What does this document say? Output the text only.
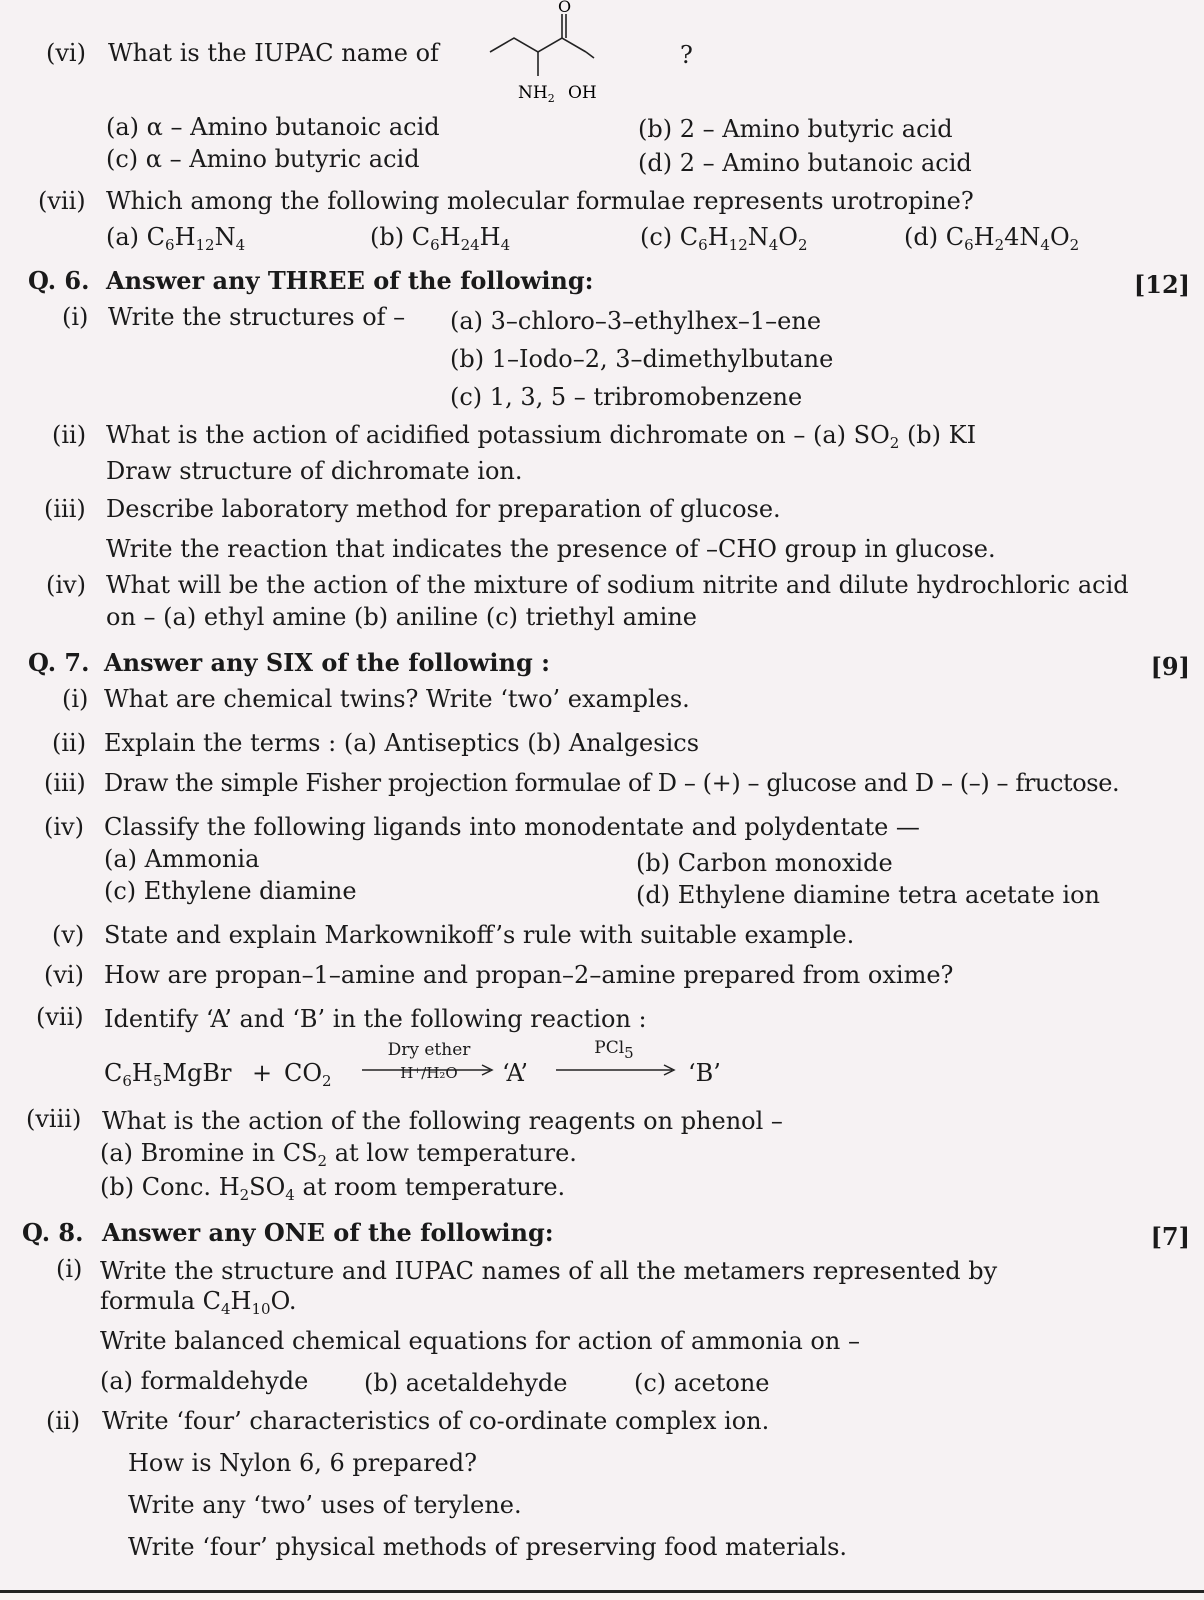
(vi) What is the IUPAC name of
O
$NH_2$ OH
?
(a) α – Amino butanoic acid	(b) 2 – Amino butyric acid
(c) α – Amino butyric acid	(d) 2 – Amino butanoic acid
(vii) Which among the following molecular formulae represents urotropine?
(a) $C_6H_{12}N_4$	(b) $C_6H_{24}H_4$	(c) $C_6H_{12}N_4O_2$	(d) $C_6H_24N_4O_2$
Q. 6. Answer any THREE of the following:	[12]
(i) Write the structures of – (a) 3–chloro–3–ethylhex–1–ene
(b) 1–Iodo–2, 3–dimethylbutane
(c) 1, 3, 5 – tribromobenzene
(ii) What is the action of acidified potassium dichromate on – (a) $SO_2$ (b) KI
Draw structure of dichromate ion.
(iii) Describe laboratory method for preparation of glucose.
Write the reaction that indicates the presence of –CHO group in glucose.
(iv) What will be the action of the mixture of sodium nitrite and dilute hydrochloric acid
on – (a) ethyl amine (b) aniline (c) triethyl amine
Q. 7. Answer any SIX of the following :	[9]
(i) What are chemical twins? Write ‘two’ examples.
(ii) Explain the terms : (a) Antiseptics (b) Analgesics
(iii) Draw the simple Fisher projection formulae of D – (+) – glucose and D – (–) – fructose.
(iv) Classify the following ligands into monodentate and polydentate —
(a) Ammonia	(b) Carbon monoxide
(c) Ethylene diamine	(d) Ethylene diamine tetra acetate ion
(v) State and explain Markownikoff’s rule with suitable example.
(vi) How are propan–1–amine and propan–2–amine prepared from oxime?
(vii) Identify ‘A’ and ‘B’ in the following reaction :
$C_6H_5MgBr + CO_2$
Dry ether
H⁺/H₂O	‘A’
PCl$_5$
‘B’
(viii) What is the action of the following reagents on phenol –
(a) Bromine in $CS_2$ at low temperature.
(b) Conc. $H_2SO_4$ at room temperature.
Q. 8. Answer any ONE of the following:	[7]
(i) Write the structure and IUPAC names of all the metamers represented by
formula $C_4H_{10}O$.
Write balanced chemical equations for action of ammonia on –
(a) formaldehyde (b) acetaldehyde	(c) acetone
(ii) Write ‘four’ characteristics of co-ordinate complex ion.
How is Nylon 6, 6 prepared?
Write any ‘two’ uses of terylene.
Write ‘four’ physical methods of preserving food materials.
